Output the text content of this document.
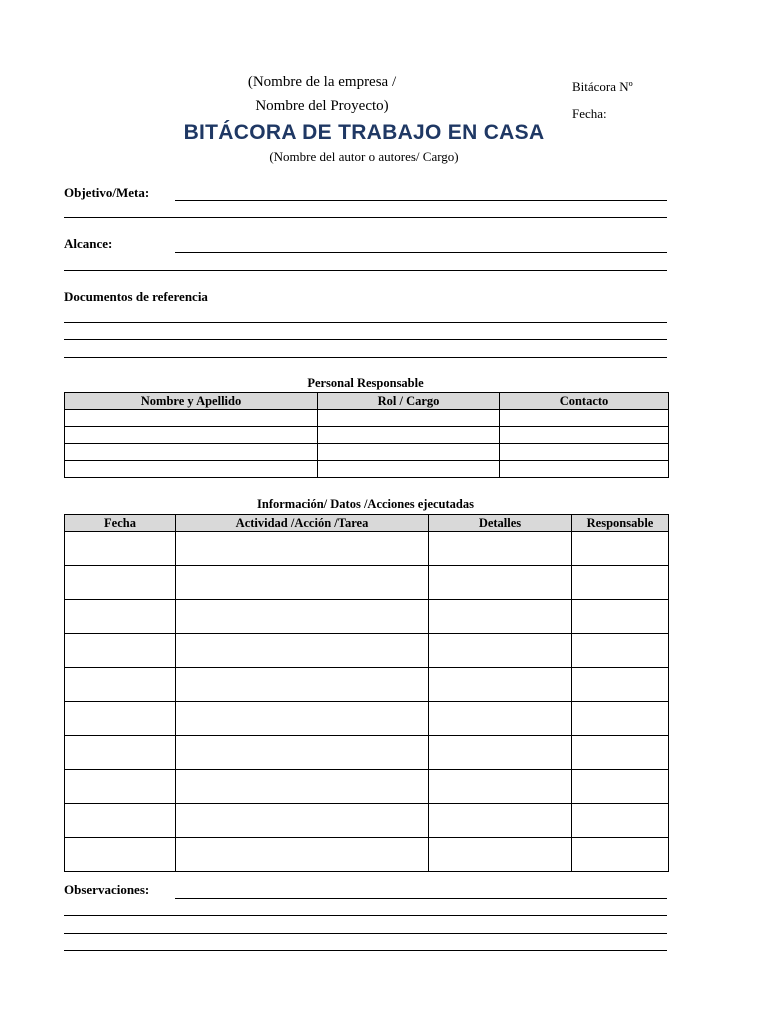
(Nombre de la empresa /
Nombre del Proyecto)
BITÁCORA DE TRABAJO EN CASA
(Nombre del autor o autores/ Cargo)
Bitácora Nº
Fecha:
Objetivo/Meta:
Alcance:
Documentos de referencia
Personal Responsable
Nombre y Apellido	Rol / Cargo	Contacto

Información/ Datos /Acciones ejecutadas
Fecha	Actividad /Acción /Tarea	Detalles	Responsable

Observaciones:
